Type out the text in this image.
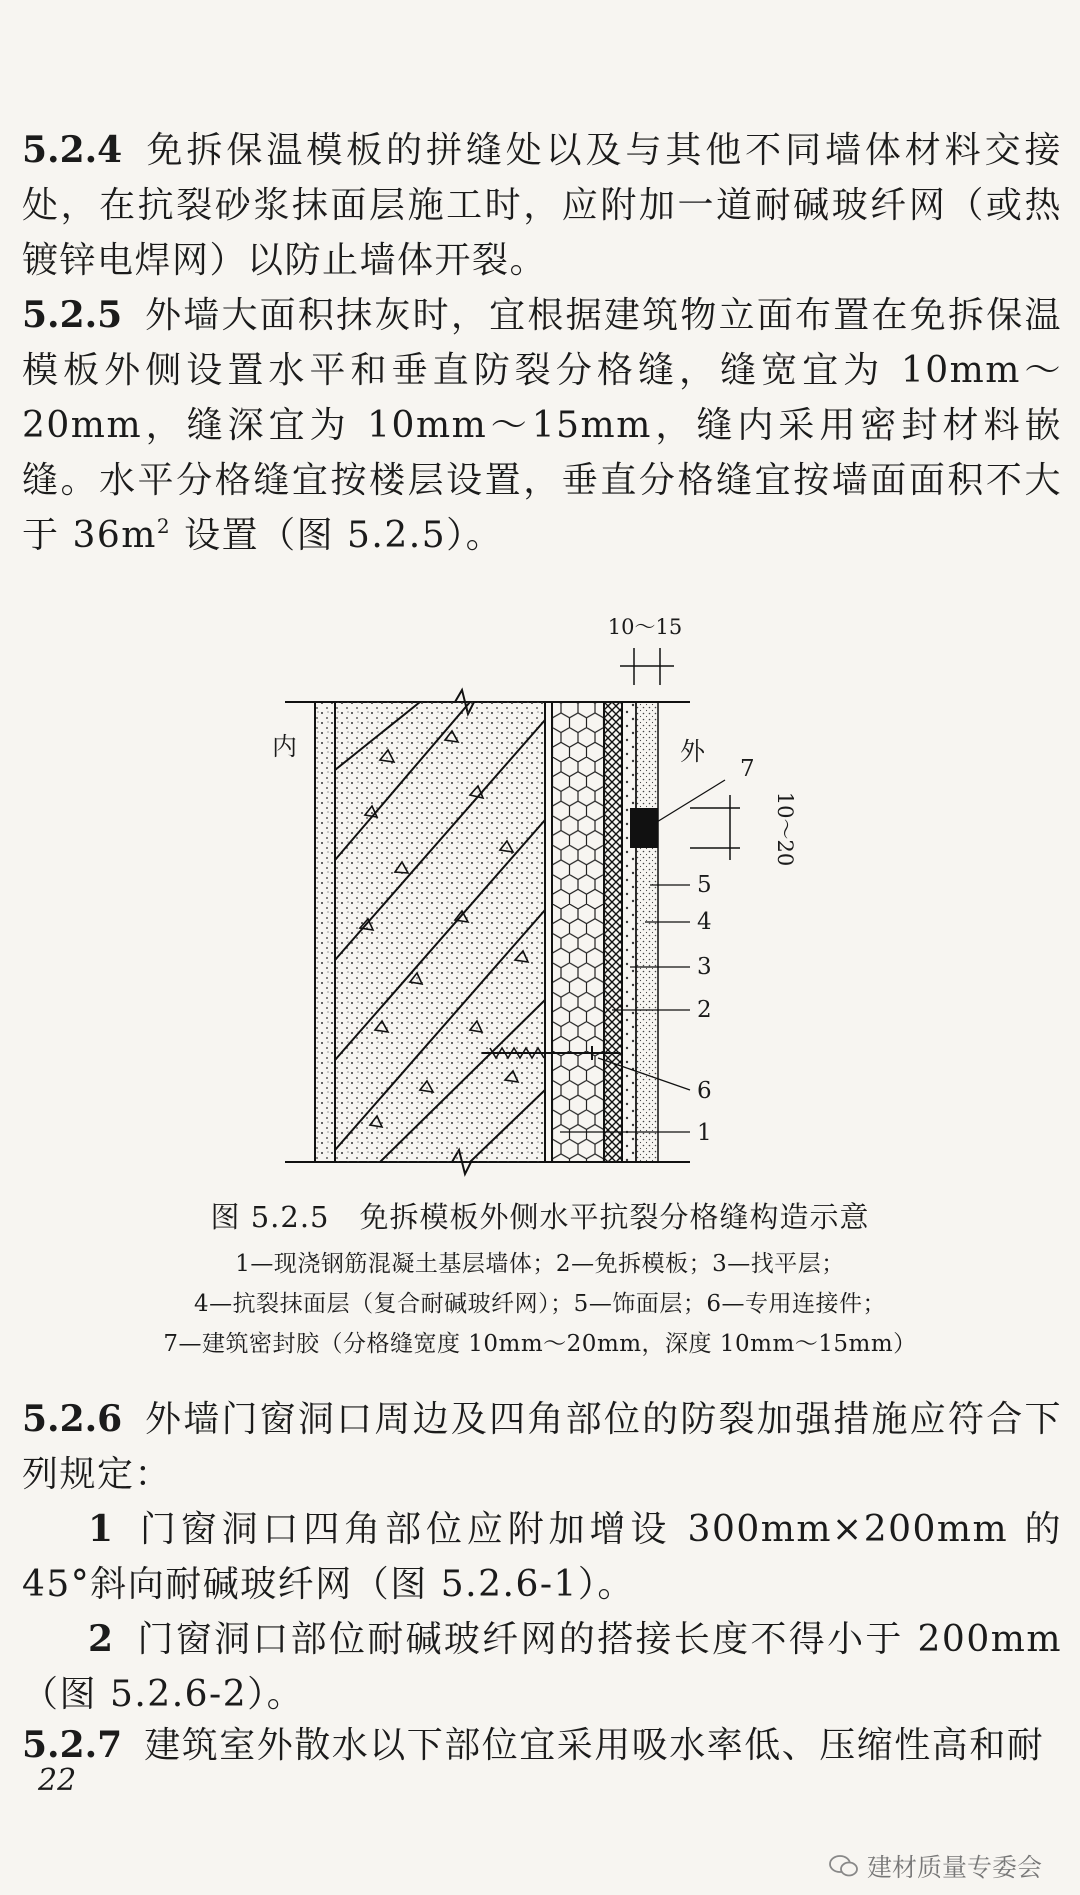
5.2.4 免拆保温模板的拼缝处以及与其他不同墙体材料交接处，在抗裂砂浆抹面层施工时，应附加一道耐碱玻纤网（或热镀锌电焊网）以防止墙体开裂。

5.2.5 外墙大面积抹灰时，宜根据建筑物立面布置在免拆保温模板外侧设置水平和垂直防裂分格缝，缝宽宜为 10mm～20mm，缝深宜为 10mm～15mm，缝内采用密封材料嵌缝。水平分格缝宜按楼层设置，垂直分格缝宜按墙面面积不大于 $36m^2$ 设置（图 5.2.5）。

10～15
10～20
内	外
7
5
4
3
2
6
1

图 5.2.5　免拆模板外侧水平抗裂分格缝构造示意

1—现浇钢筋混凝土基层墙体；2—免拆模板；3—找平层；

4—抗裂抹面层（复合耐碱玻纤网）；5—饰面层；6—专用连接件；

7—建筑密封胶（分格缝宽度 10mm～20mm，深度 10mm～15mm）

5.2.6 外墙门窗洞口周边及四角部位的防裂加强措施应符合下列规定：

1 门窗洞口四角部位应附加增设 300mm×200mm 的 45°斜向耐碱玻纤网（图 5.2.6-1）。

2 门窗洞口部位耐碱玻纤网的搭接长度不得小于 200mm（图 5.2.6-2）。

5.2.7 建筑室外散水以下部位宜采用吸水率低、压缩性高和耐

22
建材质量专委会
